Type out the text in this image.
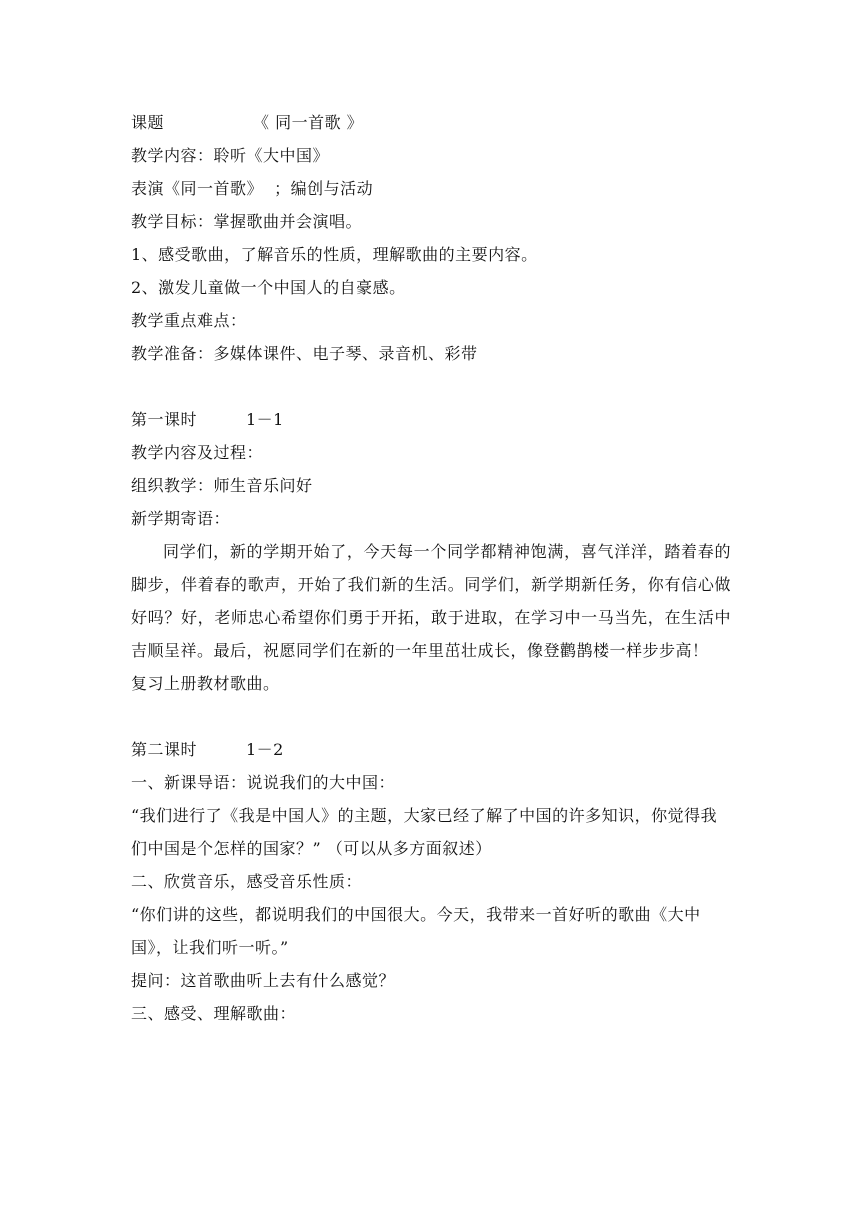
课题	《 同一首歌 》
教学内容：聆听《大中国》
表演《同一首歌》  ；编创与活动
教学目标：掌握歌曲并会演唱。
1、感受歌曲，了解音乐的性质，理解歌曲的主要内容。
2、激发儿童做一个中国人的自豪感。
教学重点难点：
教学准备：多媒体课件、电子琴、录音机、彩带
第一课时	1－1
教学内容及过程：
组织教学：师生音乐问好
新学期寄语：
同学们，新的学期开始了，今天每一个同学都精神饱满，喜气洋洋，踏着春的脚步，伴着春的歌声，开始了我们新的生活。同学们，新学期新任务，你有信心做好吗？好，老师忠心希望你们勇于开拓，敢于进取，在学习中一马当先，在生活中吉顺呈祥。最后，祝愿同学们在新的一年里茁壮成长，像登鹳鹊楼一样步步高！
复习上册教材歌曲。
第二课时	1－2
一、新课导语：说说我们的大中国：
“我们进行了《我是中国人》的主题，大家已经了解了中国的许多知识，你觉得我们中国是个怎样的国家？” （可以从多方面叙述）
二、欣赏音乐，感受音乐性质：
“你们讲的这些，都说明我们的中国很大。今天，我带来一首好听的歌曲《大中国》，让我们听一听。”
提问：这首歌曲听上去有什么感觉？
三、感受、理解歌曲：
